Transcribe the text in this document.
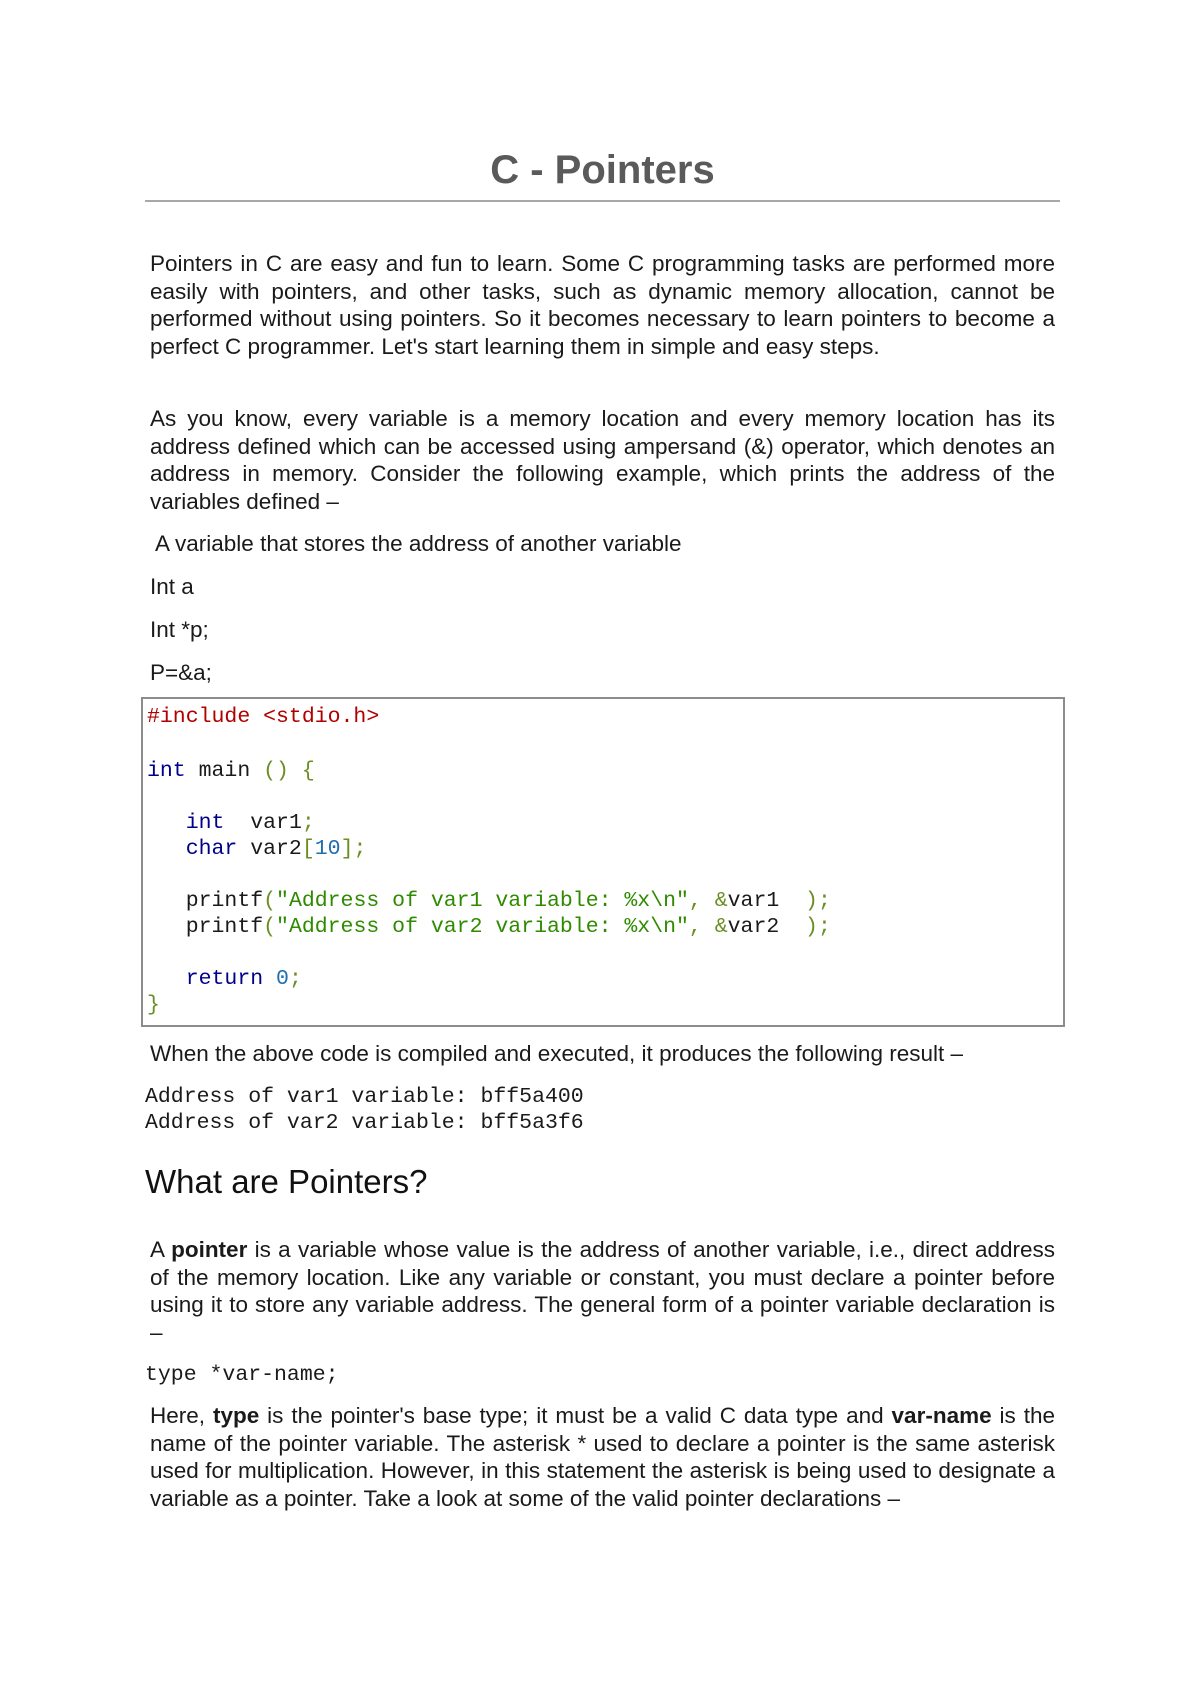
C - Pointers

Pointers in C are easy and fun to learn. Some C programming tasks are performed more easily with pointers, and other tasks, such as dynamic memory allocation, cannot be performed without using pointers. So it becomes necessary to learn pointers to become a perfect C programmer. Let's start learning them in simple and easy steps.

As you know, every variable is a memory location and every memory location has its address defined which can be accessed using ampersand (&) operator, which denotes an address in memory. Consider the following example, which prints the address of the variables defined –

A variable that stores the address of another variable

Int a

Int *p;

P=&a;

#include <stdio.h>

int main () {

int  var1;

char var2[10];

printf("Address of var1 variable: %x\n", &var1  );

printf("Address of var2 variable: %x\n", &var2  );

return 0;

}

When the above code is compiled and executed, it produces the following result –

Address of var1 variable: bff5a400

Address of var2 variable: bff5a3f6

What are Pointers?

A pointer is a variable whose value is the address of another variable, i.e., direct address of the memory location. Like any variable or constant, you must declare a pointer before using it to store any variable address. The general form of a pointer variable declaration is –

type *var-name;

Here, type is the pointer's base type; it must be a valid C data type and var-name is the name of the pointer variable. The asterisk * used to declare a pointer is the same asterisk used for multiplication. However, in this statement the asterisk is being used to designate a variable as a pointer. Take a look at some of the valid pointer declarations –
